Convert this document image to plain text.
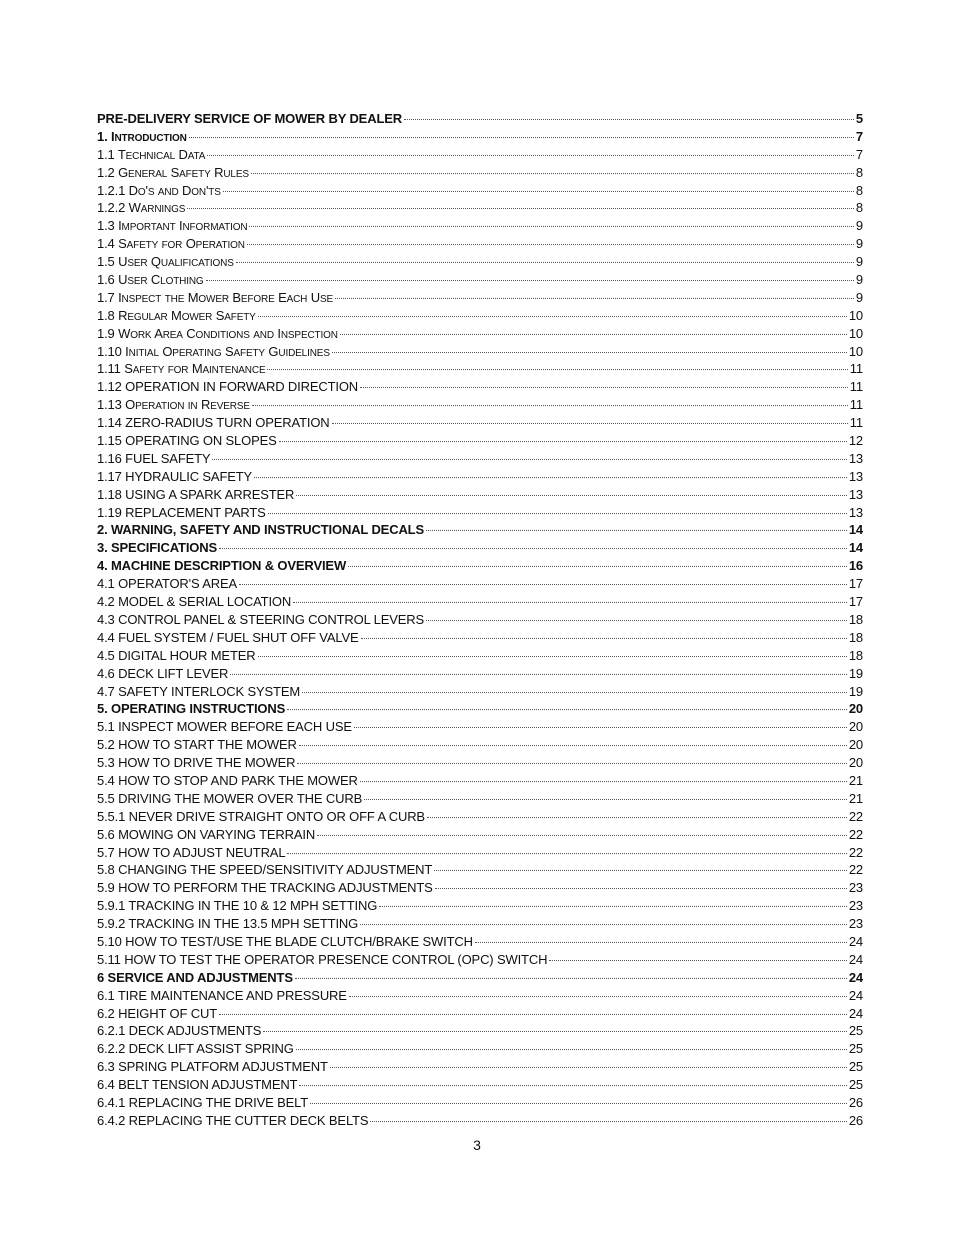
PRE-DELIVERY SERVICE OF MOWER BY DEALER	5
1. INTRODUCTION	7
1.1 TECHNICAL DATA	7
1.2 GENERAL SAFETY RULES	8
1.2.1 DO'S AND DON'TS	8
1.2.2 WARNINGS	8
1.3 IMPORTANT INFORMATION	9
1.4 SAFETY FOR OPERATION	9
1.5 USER QUALIFICATIONS	9
1.6 USER CLOTHING	9
1.7 INSPECT THE MOWER BEFORE EACH USE	9
1.8 REGULAR MOWER SAFETY	10
1.9 WORK AREA CONDITIONS AND INSPECTION	10
1.10 INITIAL OPERATING SAFETY GUIDELINES	10
1.11 SAFETY FOR MAINTENANCE	11
1.12 OPERATION IN FORWARD DIRECTION	11
1.13 OPERATION IN REVERSE	11
1.14 ZERO-RADIUS TURN OPERATION	11
1.15 OPERATING ON SLOPES	12
1.16 FUEL SAFETY	13
1.17 HYDRAULIC SAFETY	13
1.18 USING A SPARK ARRESTER	13
1.19 REPLACEMENT PARTS	13
2. WARNING, SAFETY AND INSTRUCTIONAL DECALS	14
3. SPECIFICATIONS	14
4. MACHINE DESCRIPTION & OVERVIEW	16
4.1 OPERATOR'S AREA	17
4.2 MODEL & SERIAL LOCATION	17
4.3 CONTROL PANEL & STEERING CONTROL LEVERS	18
4.4 FUEL SYSTEM / FUEL SHUT OFF VALVE	18
4.5 DIGITAL HOUR METER	18
4.6 DECK LIFT LEVER	19
4.7 SAFETY INTERLOCK SYSTEM	19
5. OPERATING INSTRUCTIONS	20
5.1 INSPECT MOWER BEFORE EACH USE	20
5.2 HOW TO START THE MOWER	20
5.3 HOW TO DRIVE THE MOWER	20
5.4 HOW TO STOP AND PARK THE MOWER	21
5.5 DRIVING THE MOWER OVER THE CURB	21
5.5.1 NEVER DRIVE STRAIGHT ONTO OR OFF A CURB	22
5.6 MOWING ON VARYING TERRAIN	22
5.7 HOW TO ADJUST NEUTRAL	22
5.8 CHANGING THE SPEED/SENSITIVITY ADJUSTMENT	22
5.9 HOW TO PERFORM THE TRACKING ADJUSTMENTS	23
5.9.1 TRACKING IN THE 10 & 12 MPH SETTING	23
5.9.2 TRACKING IN THE 13.5 MPH SETTING	23
5.10 HOW TO TEST/USE THE BLADE CLUTCH/BRAKE SWITCH	24
5.11 HOW TO TEST THE OPERATOR PRESENCE CONTROL (OPC) SWITCH	24
6 SERVICE AND ADJUSTMENTS	24
6.1 TIRE MAINTENANCE AND PRESSURE	24
6.2 HEIGHT OF CUT	24
6.2.1 DECK ADJUSTMENTS	25
6.2.2 DECK LIFT ASSIST SPRING	25
6.3 SPRING PLATFORM ADJUSTMENT	25
6.4 BELT TENSION ADJUSTMENT	25
6.4.1 REPLACING THE DRIVE BELT	26
6.4.2 REPLACING THE CUTTER DECK BELTS	26
3
